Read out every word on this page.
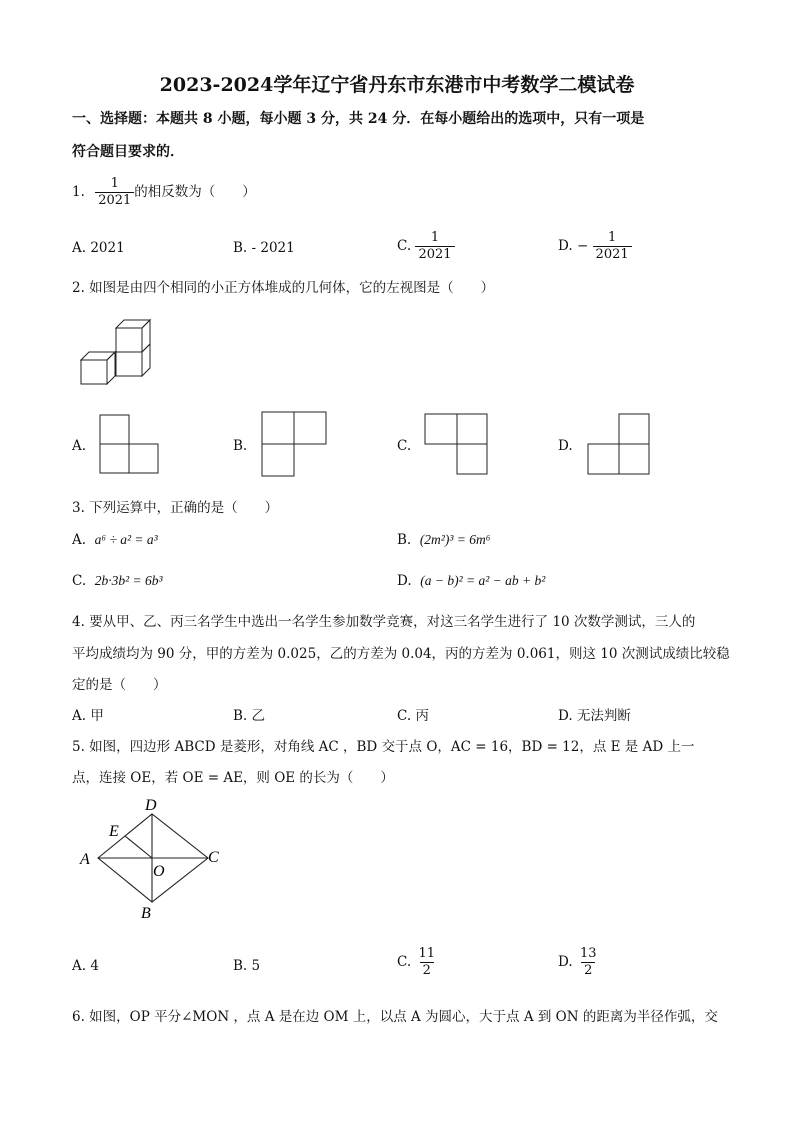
2023-2024学年辽宁省丹东市东港市中考数学二模试卷
一、选择题：本题共 8 小题，每小题 3 分，共 24 分．在每小题给出的选项中，只有一项是
符合题目要求的．
1. $\frac{1}{2021}$ 的相反数为（　　）
A. 2021	B. - 2021	C. $\frac{1}{2021}$	D. − $\frac{1}{2021}$
2. 如图是由四个相同的小正方体堆成的几何体，它的左视图是（　　）
A.	B.	C.	D.
3. 下列运算中，正确的是（　　）
A. a⁶ ÷ a² = a³	B. (2m²)³ = 6m⁶
C. 2b·3b² = 6b³	D. (a − b)² = a² − ab + b²
4. 要从甲、乙、丙三名学生中选出一名学生参加数学竞赛，对这三名学生进行了 10 次数学测试，三人的
平均成绩均为 90 分，甲的方差为 0.025，乙的方差为 0.04，丙的方差为 0.061，则这 10 次测试成绩比较稳
定的是（　　）
A. 甲	B. 乙	C. 丙	D. 无法判断
5. 如图，四边形 ABCD 是菱形，对角线 AC ，BD 交于点 O，AC = 16，BD = 12，点 E 是 AD 上一
点，连接 OE，若 OE = AE，则 OE 的长为（　　）
D
E
A	C
O
B
A. 4	B. 5	C. $\frac{11}{2}$	D. $\frac{13}{2}$
6. 如图，OP 平分∠MON ，点 A 是在边 OM 上，以点 A 为圆心，大于点 A 到 ON 的距离为半径作弧，交
